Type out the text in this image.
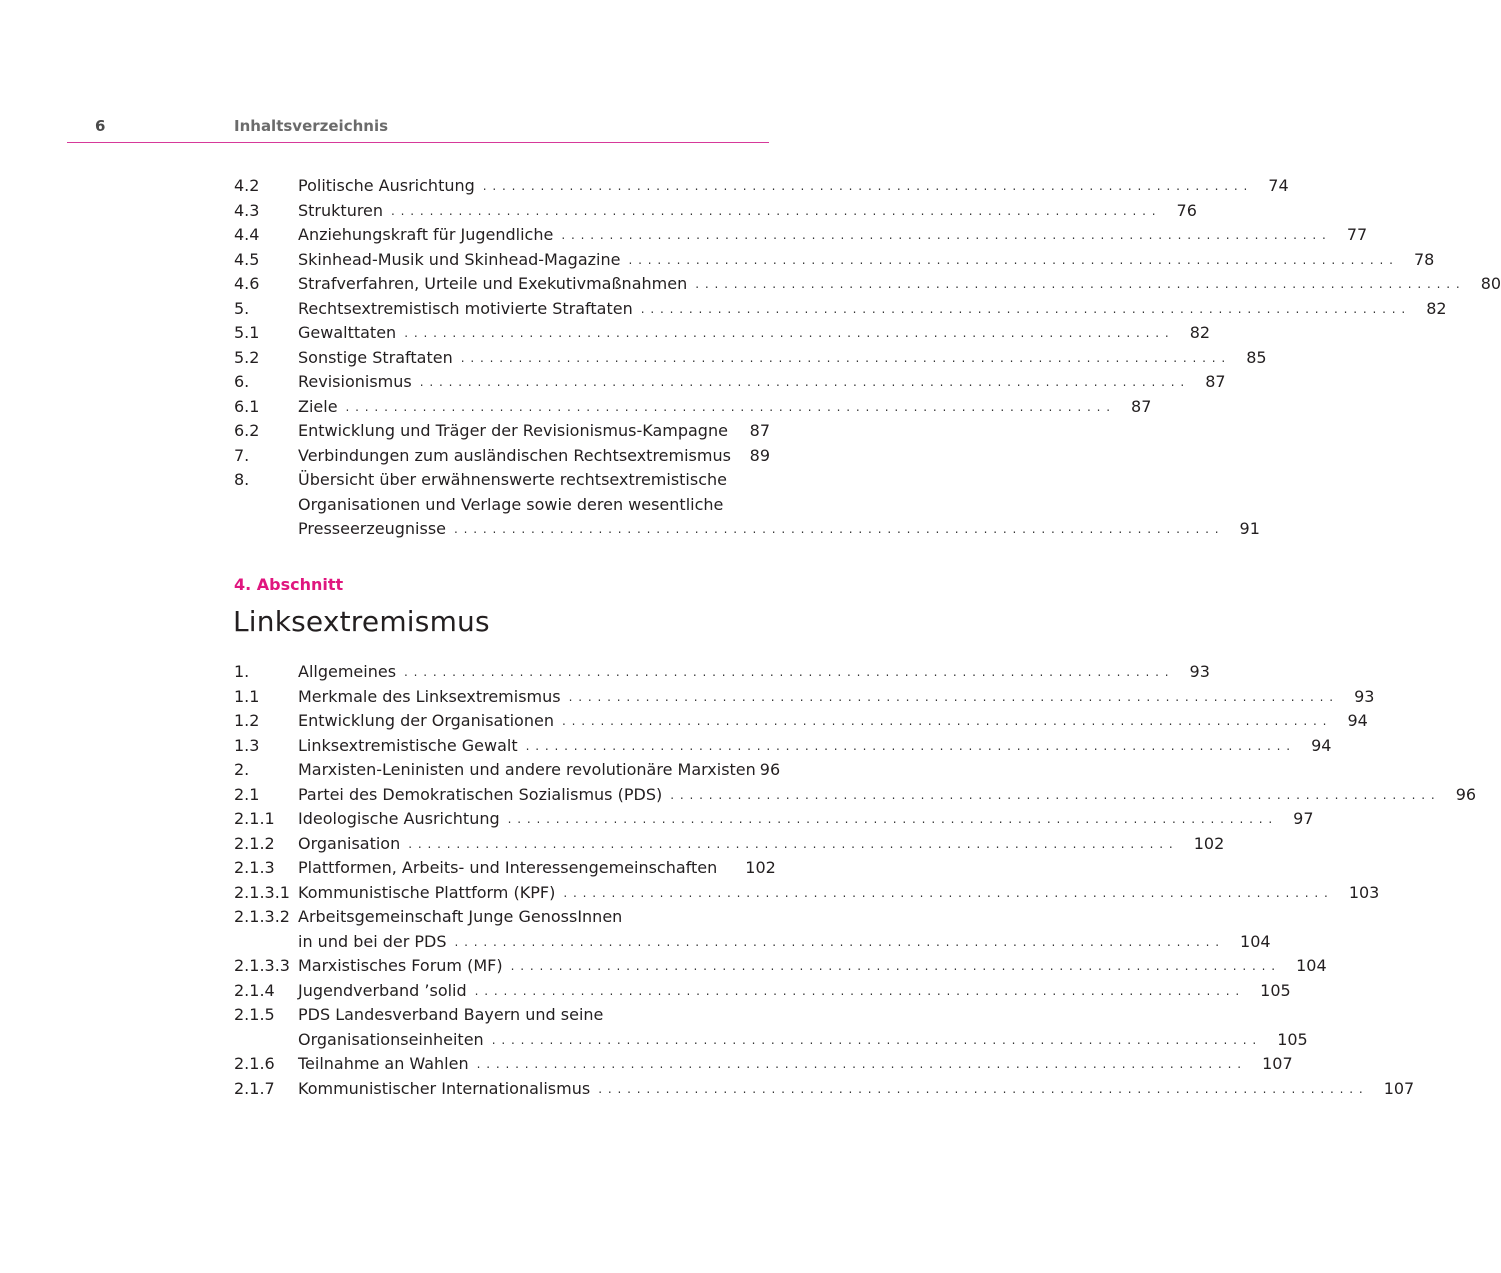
6	Inhaltsverzeichnis
4.2 Politische Ausrichtung . . . . . . . . . . . . . . . . . . . . . . . . . . . . . . . . . . . . . . . . . . . . . . . . . . . . . . . . . . . . . . . . . . . . . . . . . . . . . . . . 74
4.3 Strukturen . . . . . . . . . . . . . . . . . . . . . . . . . . . . . . . . . . . . . . . . . . . . . . . . . . . . . . . . . . . . . . . . . . . . . . . . . . . . . . . . 76
4.4 Anziehungskraft für Jugendliche . . . . . . . . . . . . . . . . . . . . . . . . . . . . . . . . . . . . . . . . . . . . . . . . . . . . . . . . . . . . . . . . . . . . . . . . . . . . . . . . 77
4.5 Skinhead-Musik und Skinhead-Magazine . . . . . . . . . . . . . . . . . . . . . . . . . . . . . . . . . . . . . . . . . . . . . . . . . . . . . . . . . . . . . . . . . . . . . . . . . . . . . . . . 78
4.6 Strafverfahren, Urteile und Exekutivmaßnahmen . . . . . . . . . . . . . . . . . . . . . . . . . . . . . . . . . . . . . . . . . . . . . . . . . . . . . . . . . . . . . . . . . . . . . . . . . . . . . . . . 80
5.	Rechtsextremistisch motivierte Straftaten . . . . . . . . . . . . . . . . . . . . . . . . . . . . . . . . . . . . . . . . . . . . . . . . . . . . . . . . . . . . . . . . . . . . . . . . . . . . . . . . 82
5.1 Gewalttaten . . . . . . . . . . . . . . . . . . . . . . . . . . . . . . . . . . . . . . . . . . . . . . . . . . . . . . . . . . . . . . . . . . . . . . . . . . . . . . . . 82
5.2 Sonstige Straftaten . . . . . . . . . . . . . . . . . . . . . . . . . . . . . . . . . . . . . . . . . . . . . . . . . . . . . . . . . . . . . . . . . . . . . . . . . . . . . . . . 85
6.	Revisionismus . . . . . . . . . . . . . . . . . . . . . . . . . . . . . . . . . . . . . . . . . . . . . . . . . . . . . . . . . . . . . . . . . . . . . . . . . . . . . . . . 87
6.1 Ziele . . . . . . . . . . . . . . . . . . . . . . . . . . . . . . . . . . . . . . . . . . . . . . . . . . . . . . . . . . . . . . . . . . . . . . . . . . . . . . . . 87
6.2 Entwicklung und Träger der Revisionismus-Kampagne 87
7.	Verbindungen zum ausländischen Rechtsextremismus 89
8.	Übersicht über erwähnenswerte rechtsextremistische
Organisationen und Verlage sowie deren wesentliche
Presseerzeugnisse . . . . . . . . . . . . . . . . . . . . . . . . . . . . . . . . . . . . . . . . . . . . . . . . . . . . . . . . . . . . . . . . . . . . . . . . . . . . . . . . 91
4. Abschnitt
Linksextremismus
1.	Allgemeines . . . . . . . . . . . . . . . . . . . . . . . . . . . . . . . . . . . . . . . . . . . . . . . . . . . . . . . . . . . . . . . . . . . . . . . . . . . . . . . . 93
1.1 Merkmale des Linksextremismus . . . . . . . . . . . . . . . . . . . . . . . . . . . . . . . . . . . . . . . . . . . . . . . . . . . . . . . . . . . . . . . . . . . . . . . . . . . . . . . . 93
1.2 Entwicklung der Organisationen . . . . . . . . . . . . . . . . . . . . . . . . . . . . . . . . . . . . . . . . . . . . . . . . . . . . . . . . . . . . . . . . . . . . . . . . . . . . . . . . 94
1.3 Linksextremistische Gewalt . . . . . . . . . . . . . . . . . . . . . . . . . . . . . . . . . . . . . . . . . . . . . . . . . . . . . . . . . . . . . . . . . . . . . . . . . . . . . . . . 94
2.	Marxisten-Leninisten und andere revolutionäre Marxisten 96
2.1 Partei des Demokratischen Sozialismus (PDS) . . . . . . . . . . . . . . . . . . . . . . . . . . . . . . . . . . . . . . . . . . . . . . . . . . . . . . . . . . . . . . . . . . . . . . . . . . . . . . . . 96
2.1.1 Ideologische Ausrichtung . . . . . . . . . . . . . . . . . . . . . . . . . . . . . . . . . . . . . . . . . . . . . . . . . . . . . . . . . . . . . . . . . . . . . . . . . . . . . . . . 97
2.1.2 Organisation . . . . . . . . . . . . . . . . . . . . . . . . . . . . . . . . . . . . . . . . . . . . . . . . . . . . . . . . . . . . . . . . . . . . . . . . . . . . . . . . 102
2.1.3 Plattformen, Arbeits- und Interessengemeinschaften 102
2.1.3.1 Kommunistische Plattform (KPF) . . . . . . . . . . . . . . . . . . . . . . . . . . . . . . . . . . . . . . . . . . . . . . . . . . . . . . . . . . . . . . . . . . . . . . . . . . . . . . . . 103
2.1.3.2 Arbeitsgemeinschaft Junge GenossInnen
in und bei der PDS . . . . . . . . . . . . . . . . . . . . . . . . . . . . . . . . . . . . . . . . . . . . . . . . . . . . . . . . . . . . . . . . . . . . . . . . . . . . . . . . 104
2.1.3.3 Marxistisches Forum (MF) . . . . . . . . . . . . . . . . . . . . . . . . . . . . . . . . . . . . . . . . . . . . . . . . . . . . . . . . . . . . . . . . . . . . . . . . . . . . . . . . 104
2.1.4 Jugendverband ’solid . . . . . . . . . . . . . . . . . . . . . . . . . . . . . . . . . . . . . . . . . . . . . . . . . . . . . . . . . . . . . . . . . . . . . . . . . . . . . . . . 105
2.1.5 PDS Landesverband Bayern und seine
Organisationseinheiten . . . . . . . . . . . . . . . . . . . . . . . . . . . . . . . . . . . . . . . . . . . . . . . . . . . . . . . . . . . . . . . . . . . . . . . . . . . . . . . . 105
2.1.6 Teilnahme an Wahlen . . . . . . . . . . . . . . . . . . . . . . . . . . . . . . . . . . . . . . . . . . . . . . . . . . . . . . . . . . . . . . . . . . . . . . . . . . . . . . . . 107
2.1.7 Kommunistischer Internationalismus . . . . . . . . . . . . . . . . . . . . . . . . . . . . . . . . . . . . . . . . . . . . . . . . . . . . . . . . . . . . . . . . . . . . . . . . . . . . . . . . 107
